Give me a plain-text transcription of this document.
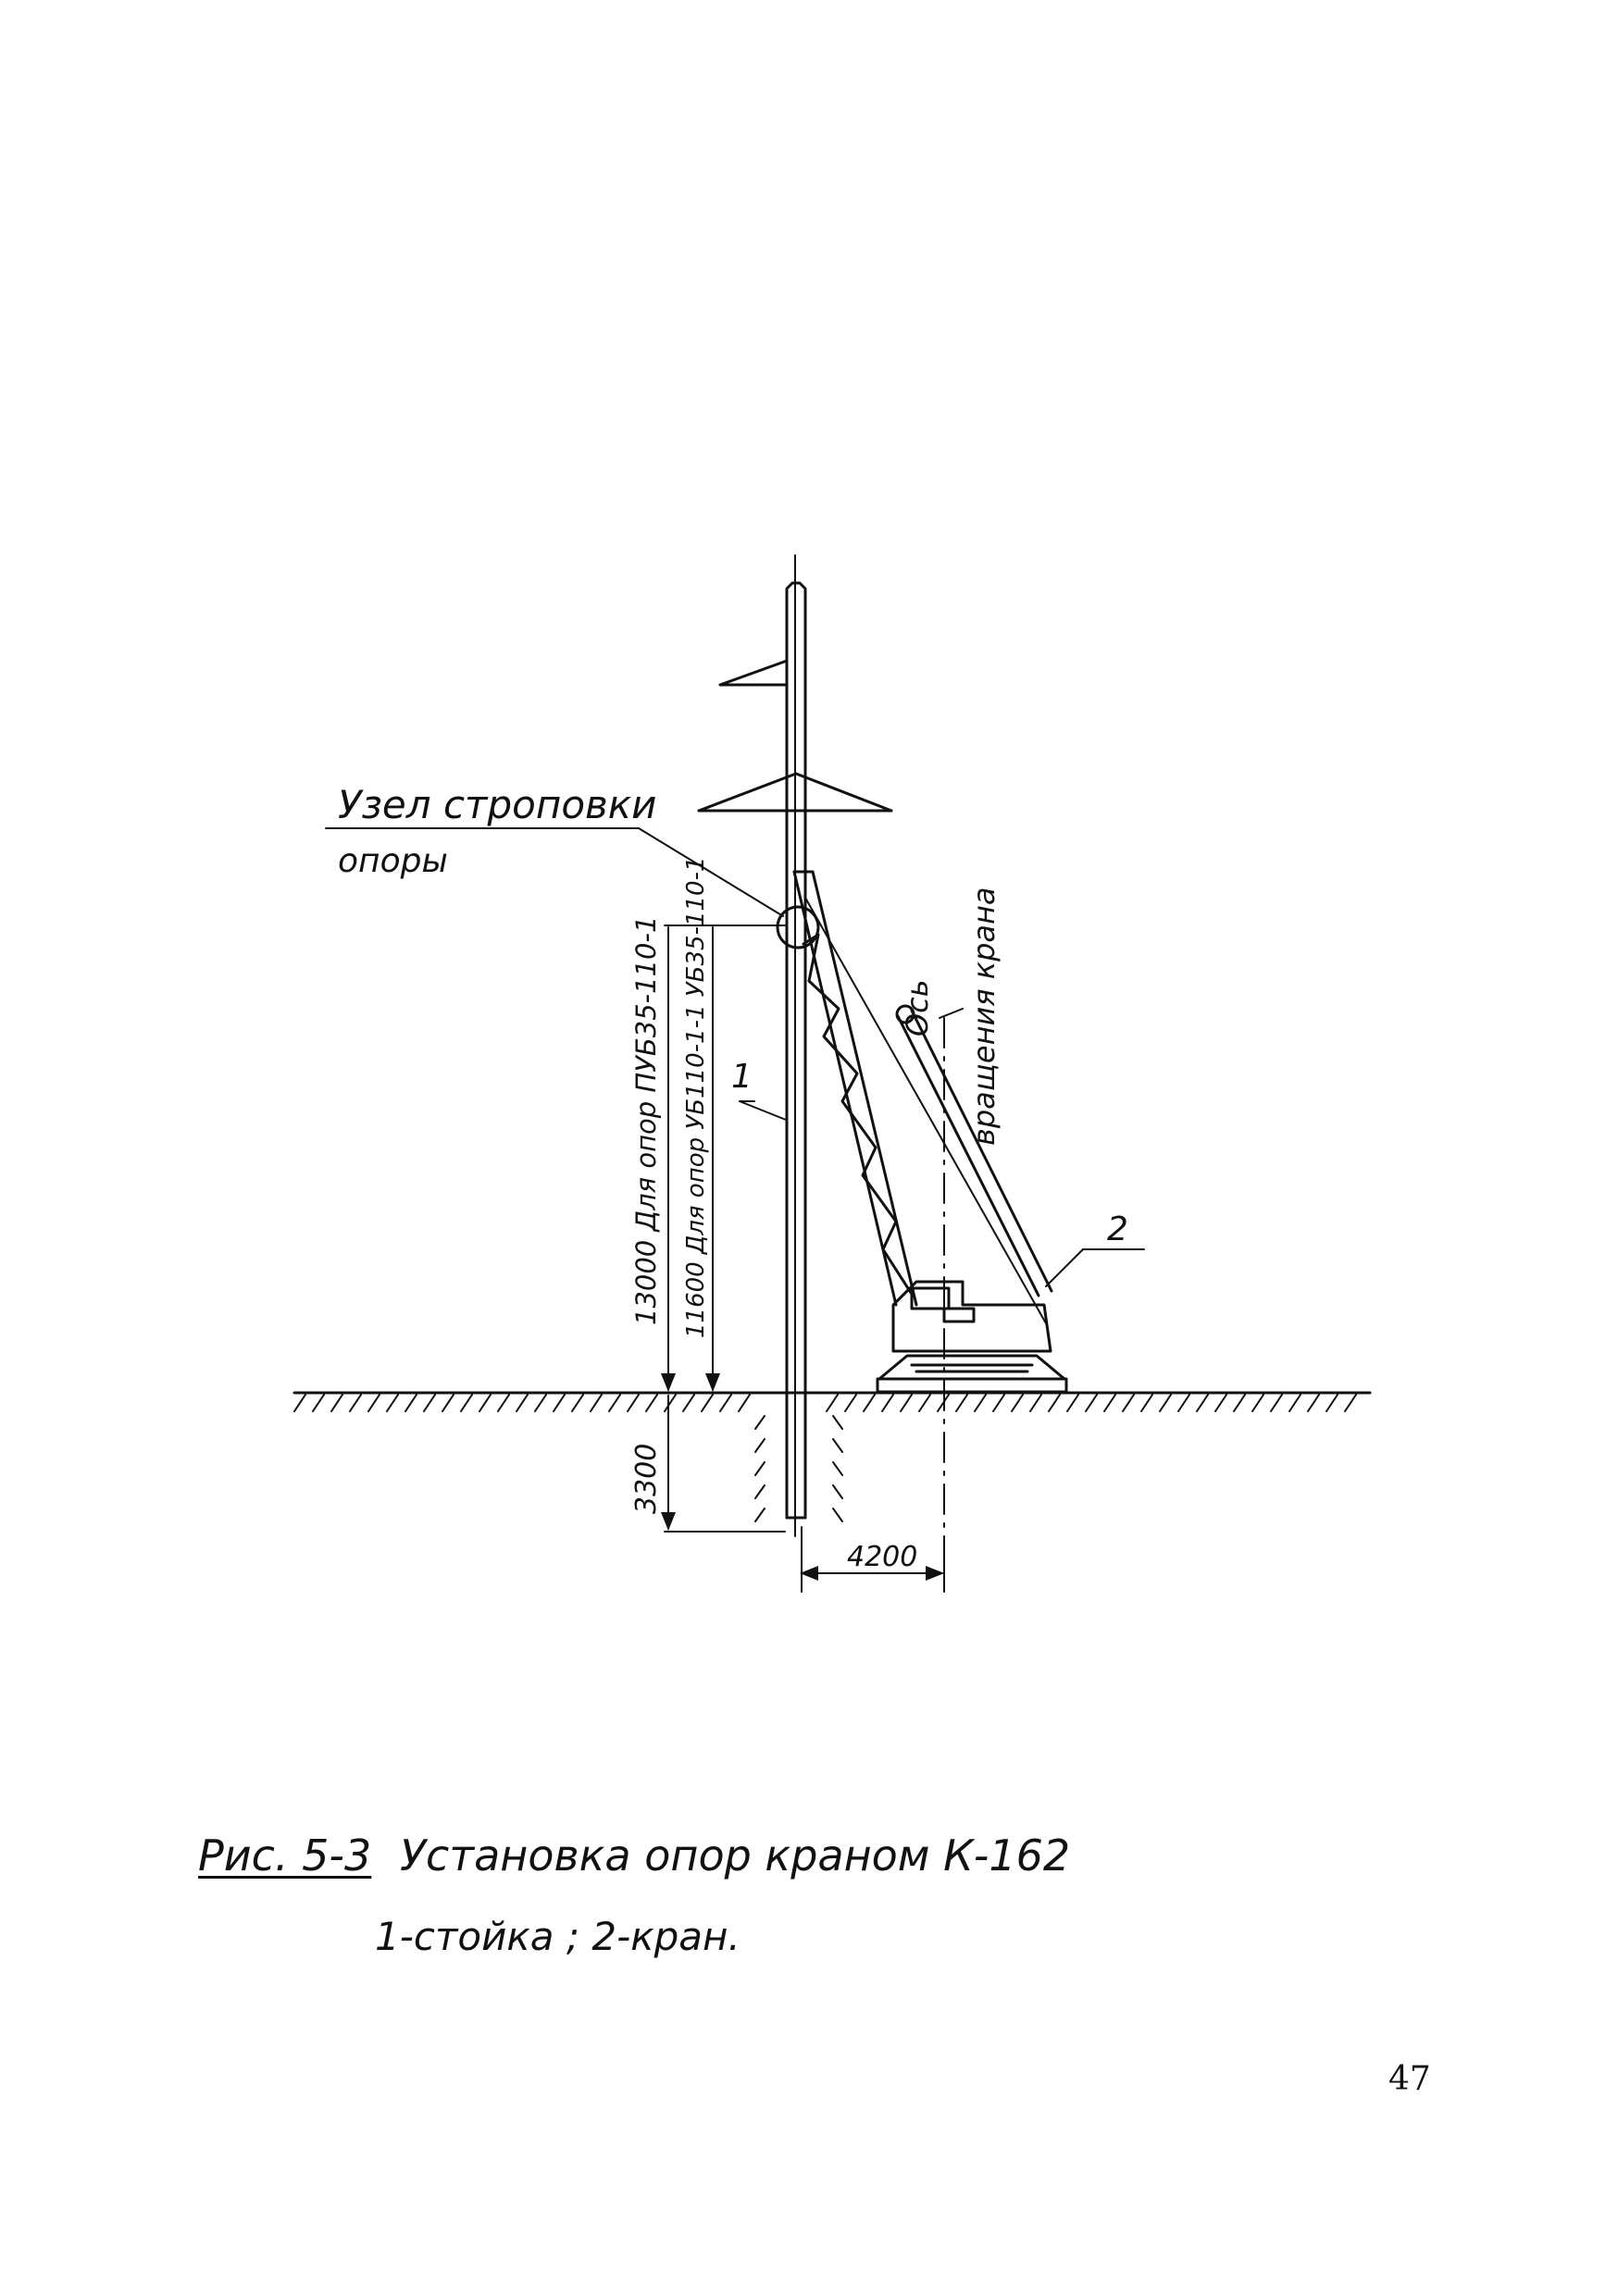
Узел строповки
опоры
Ось вращения крана
1
2
13000 Для опор ПУБ35-110-1 11600 Для опор УБ110-1-1 УБ35-110-1
3300
4200
Рис. 5-3 Установка опор краном К-162
1-стойка ; 2-кран.
47
